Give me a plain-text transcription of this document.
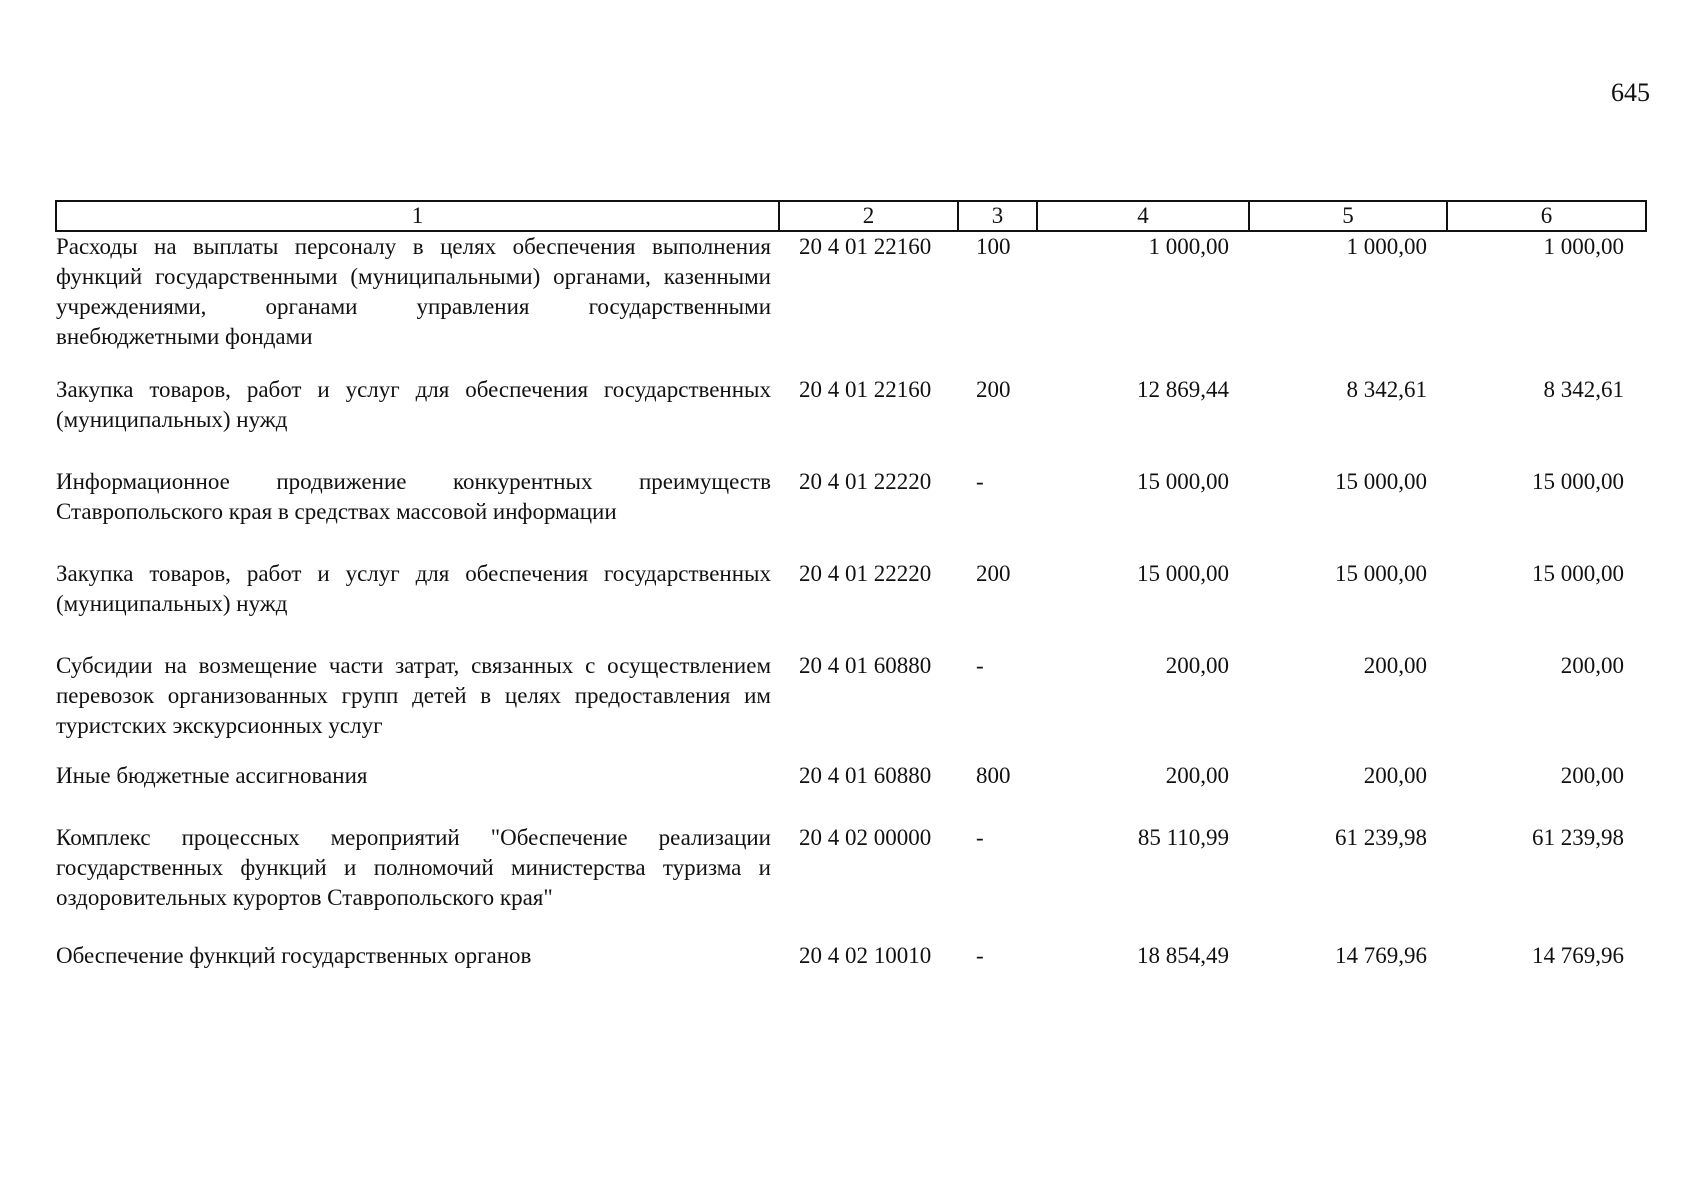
645
1	2	3	4	5	6
Расходы на выплаты персоналу в целях обеспечения выполнения функций государственными (муниципальными) органами, казенными учреждениями, органами управления государственными внебюджетными фондами	20 4 01 22160	100	1 000,00	1 000,00	1 000,00
Закупка товаров, работ и услуг для обеспечения государственных (муниципальных) нужд	20 4 01 22160	200	12 869,44	8 342,61	8 342,61
Информационное продвижение конкурентных преимуществ Ставропольского края в средствах массовой информации	20 4 01 22220	-	15 000,00	15 000,00	15 000,00
Закупка товаров, работ и услуг для обеспечения государственных (муниципальных) нужд	20 4 01 22220	200	15 000,00	15 000,00	15 000,00
Субсидии на возмещение части затрат, связанных с осуществлением перевозок организованных групп детей в целях предоставления им туристских экскурсионных услуг	20 4 01 60880	-	200,00	200,00	200,00
Иные бюджетные ассигнования	20 4 01 60880	800	200,00	200,00	200,00
Комплекс процессных мероприятий "Обеспечение реализации государственных функций и полномочий министерства туризма и оздоровительных курортов Ставропольского края"	20 4 02 00000	-	85 110,99	61 239,98	61 239,98
Обеспечение функций государственных органов	20 4 02 10010	-	18 854,49	14 769,96	14 769,96
